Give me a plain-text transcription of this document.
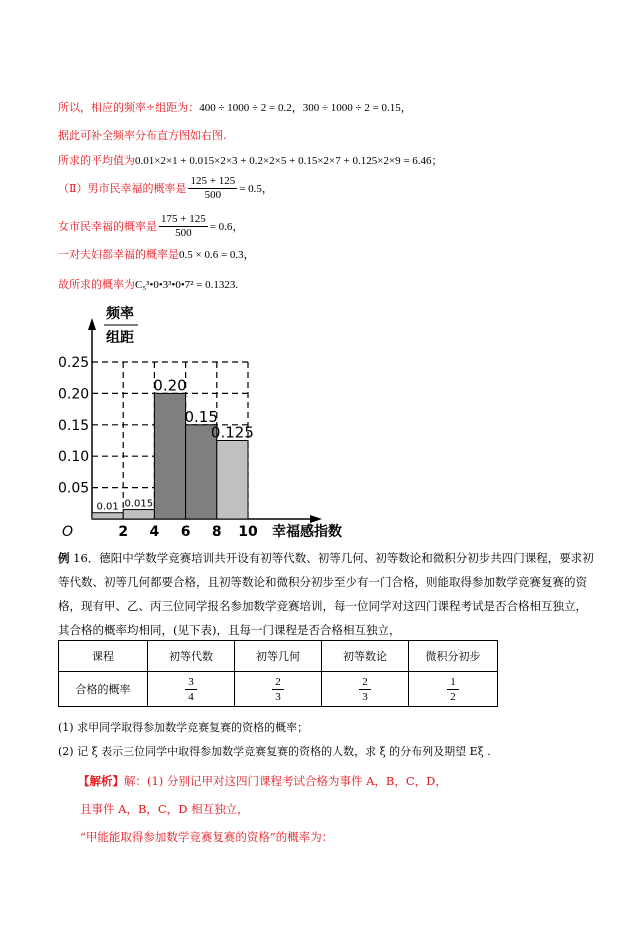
所以，相应的频率÷组距为： 400 ÷ 1000 ÷ 2 = 0.2，300 ÷ 1000 ÷ 2 = 0.15，
据此可补全频率分布直方图如右图.
所求的平均值为 0.01×2×1 + 0.015×2×3 + 0.2×2×5 + 0.15×2×7 + 0.125×2×9 = 6.46；
（Ⅱ）男市民幸福的概率是 $\frac{125 + 125}{500} = 0.5$，
女市民幸福的概率是 $\frac{175 + 125}{500} = 0.6$，
一对夫妇都幸福的概率是 0.5 × 0.6 = 0.3，
故所求的概率为 C₅³•0•3³•0•7² = 0.1323.
频率
组距
O	幸福感指数
0.05
0.10
0.15
0.20
0.25
2 4 6 8 10
0.01 0.015
0.20
0.15
0.125
例 16．德阳中学数学竞赛培训共开设有初等代数、初等几何、初等数论和微积分初步共四门课程，要求初
等代数、初等几何都要合格，且初等数论和微积分初步至少有一门合格，则能取得参加数学竞赛复赛的资
格，现有甲、乙、丙三位同学报名参加数学竞赛培训，每一位同学对这四门课程考试是否合格相互独立，
其合格的概率均相同，(见下表)，且每一门课程是否合格相互独立，
课程	初等代数	初等几何	初等数论	微积分初步
合格的概率	$\frac{3}{4}$	$\frac{2}{3}$	$\frac{2}{3}$	$\frac{1}{2}$
(1) 求甲同学取得参加数学竞赛复赛的资格的概率；
(2) 记 ξ 表示三位同学中取得参加数学竞赛复赛的资格的人数，求 ξ 的分布列及期望 Eξ .
【解析】解：(1) 分别记甲对这四门课程考试合格为事件 A，B，C，D，
且事件 A，B，C，D 相互独立，
“甲能能取得参加数学竞赛复赛的资格”的概率为：
